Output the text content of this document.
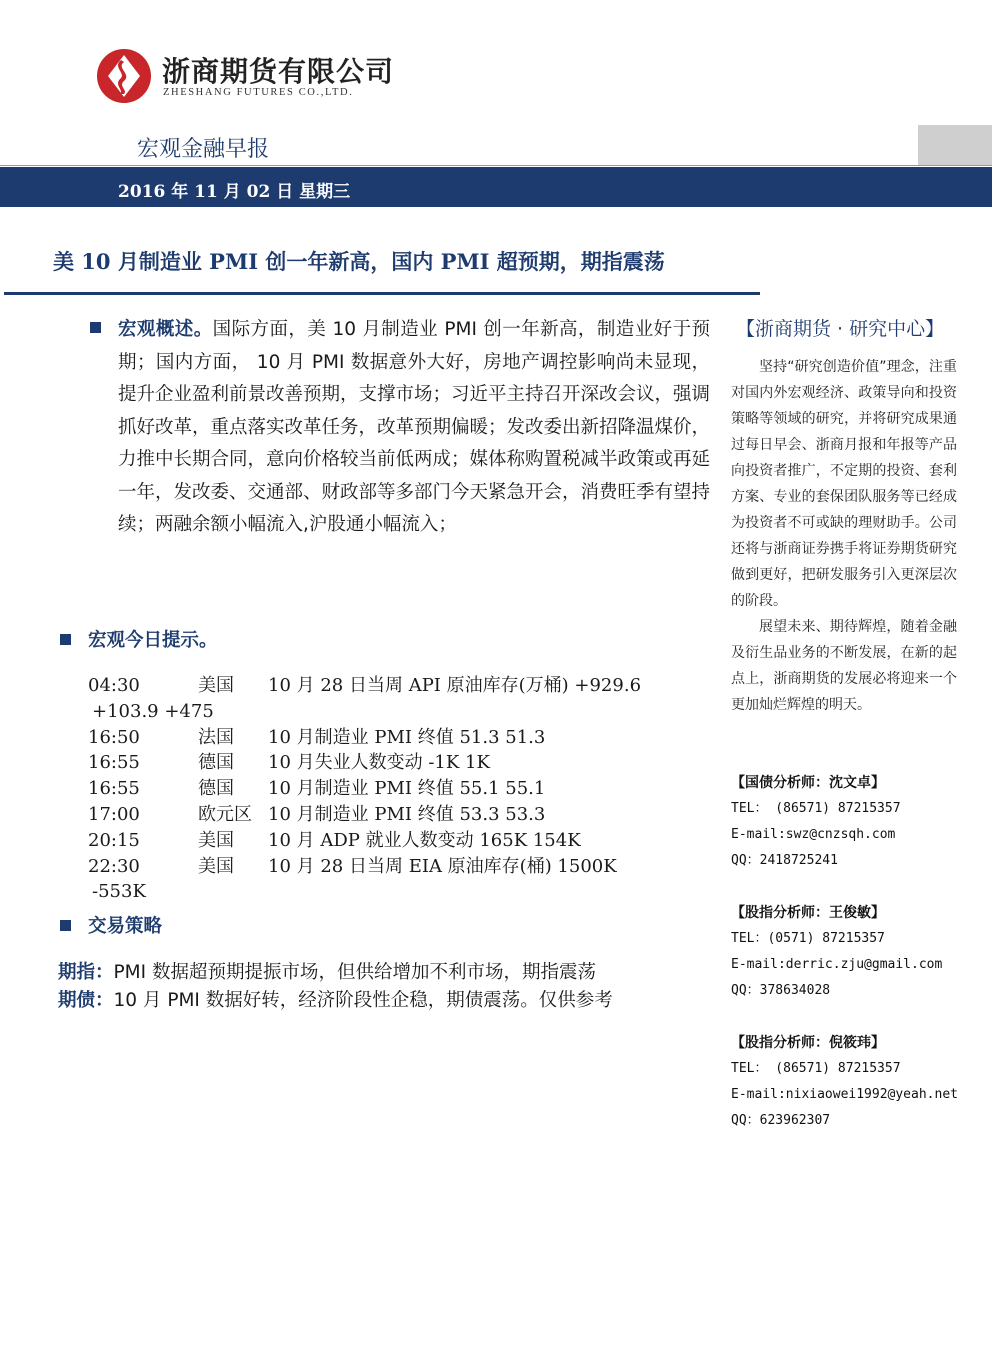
浙商期货有限公司
ZHESHANG FUTURES CO.,LTD.
宏观金融早报
2016 年 11 月 02 日 星期三
美 10 月制造业 PMI 创一年新高，国内 PMI 超预期，期指震荡
宏观概述。国际方面，美 10 月制造业 PMI 创一年新高，制造业好于预期；国内方面， 10 月 PMI 数据意外大好，房地产调控影响尚未显现，提升企业盈利前景改善预期，支撑市场；习近平主持召开深改会议，强调抓好改革，重点落实改革任务，改革预期偏暖；发改委出新招降温煤价，力推中长期合同，意向价格较当前低两成；媒体称购置税减半政策或再延一年，发改委、交通部、财政部等多部门今天紧急开会，消费旺季有望持续；两融余额小幅流入,沪股通小幅流入；
宏观今日提示。
04:30	美国 10 月 28 日当周 API 原油库存(万桶) +929.6
+103.9 +475
16:50	法国 10 月制造业 PMI 终值 51.3 51.3
16:55	德国 10 月失业人数变动 -1K 1K
16:55	德国 10 月制造业 PMI 终值 55.1 55.1
17:00	欧元区 10 月制造业 PMI 终值 53.3 53.3
20:15	美国 10 月 ADP 就业人数变动 165K 154K
22:30	美国 10 月 28 日当周 EIA 原油库存(桶) 1500K
-553K
交易策略
期指：PMI 数据超预期提振市场，但供给增加不利市场，期指震荡
期债：10 月 PMI 数据好转，经济阶段性企稳，期债震荡。仅供参考
【浙商期货 · 研究中心】

坚持“研究创造价值”理念，注重对国内外宏观经济、政策导向和投资策略等领域的研究，并将研究成果通过每日早会、浙商月报和年报等产品向投资者推广，不定期的投资、套利方案、专业的套保团队服务等已经成为投资者不可或缺的理财助手。公司还将与浙商证券携手将证券期货研究做到更好，把研发服务引入更深层次的阶段。

展望未来、期待辉煌，随着金融及衍生品业务的不断发展，在新的起点上，浙商期货的发展必将迎来一个更加灿烂辉煌的明天。

【国债分析师：沈文卓】
TEL： (86571) 87215357
E-mail:swz@cnzsqh.com
QQ：2418725241
【股指分析师：王俊敏】
TEL：(0571) 87215357
E-mail:derric.zju@gmail.com
QQ：378634028
【股指分析师：倪筱玮】
TEL： (86571) 87215357
E-mail:nixiaowei1992@yeah.net
QQ：623962307
